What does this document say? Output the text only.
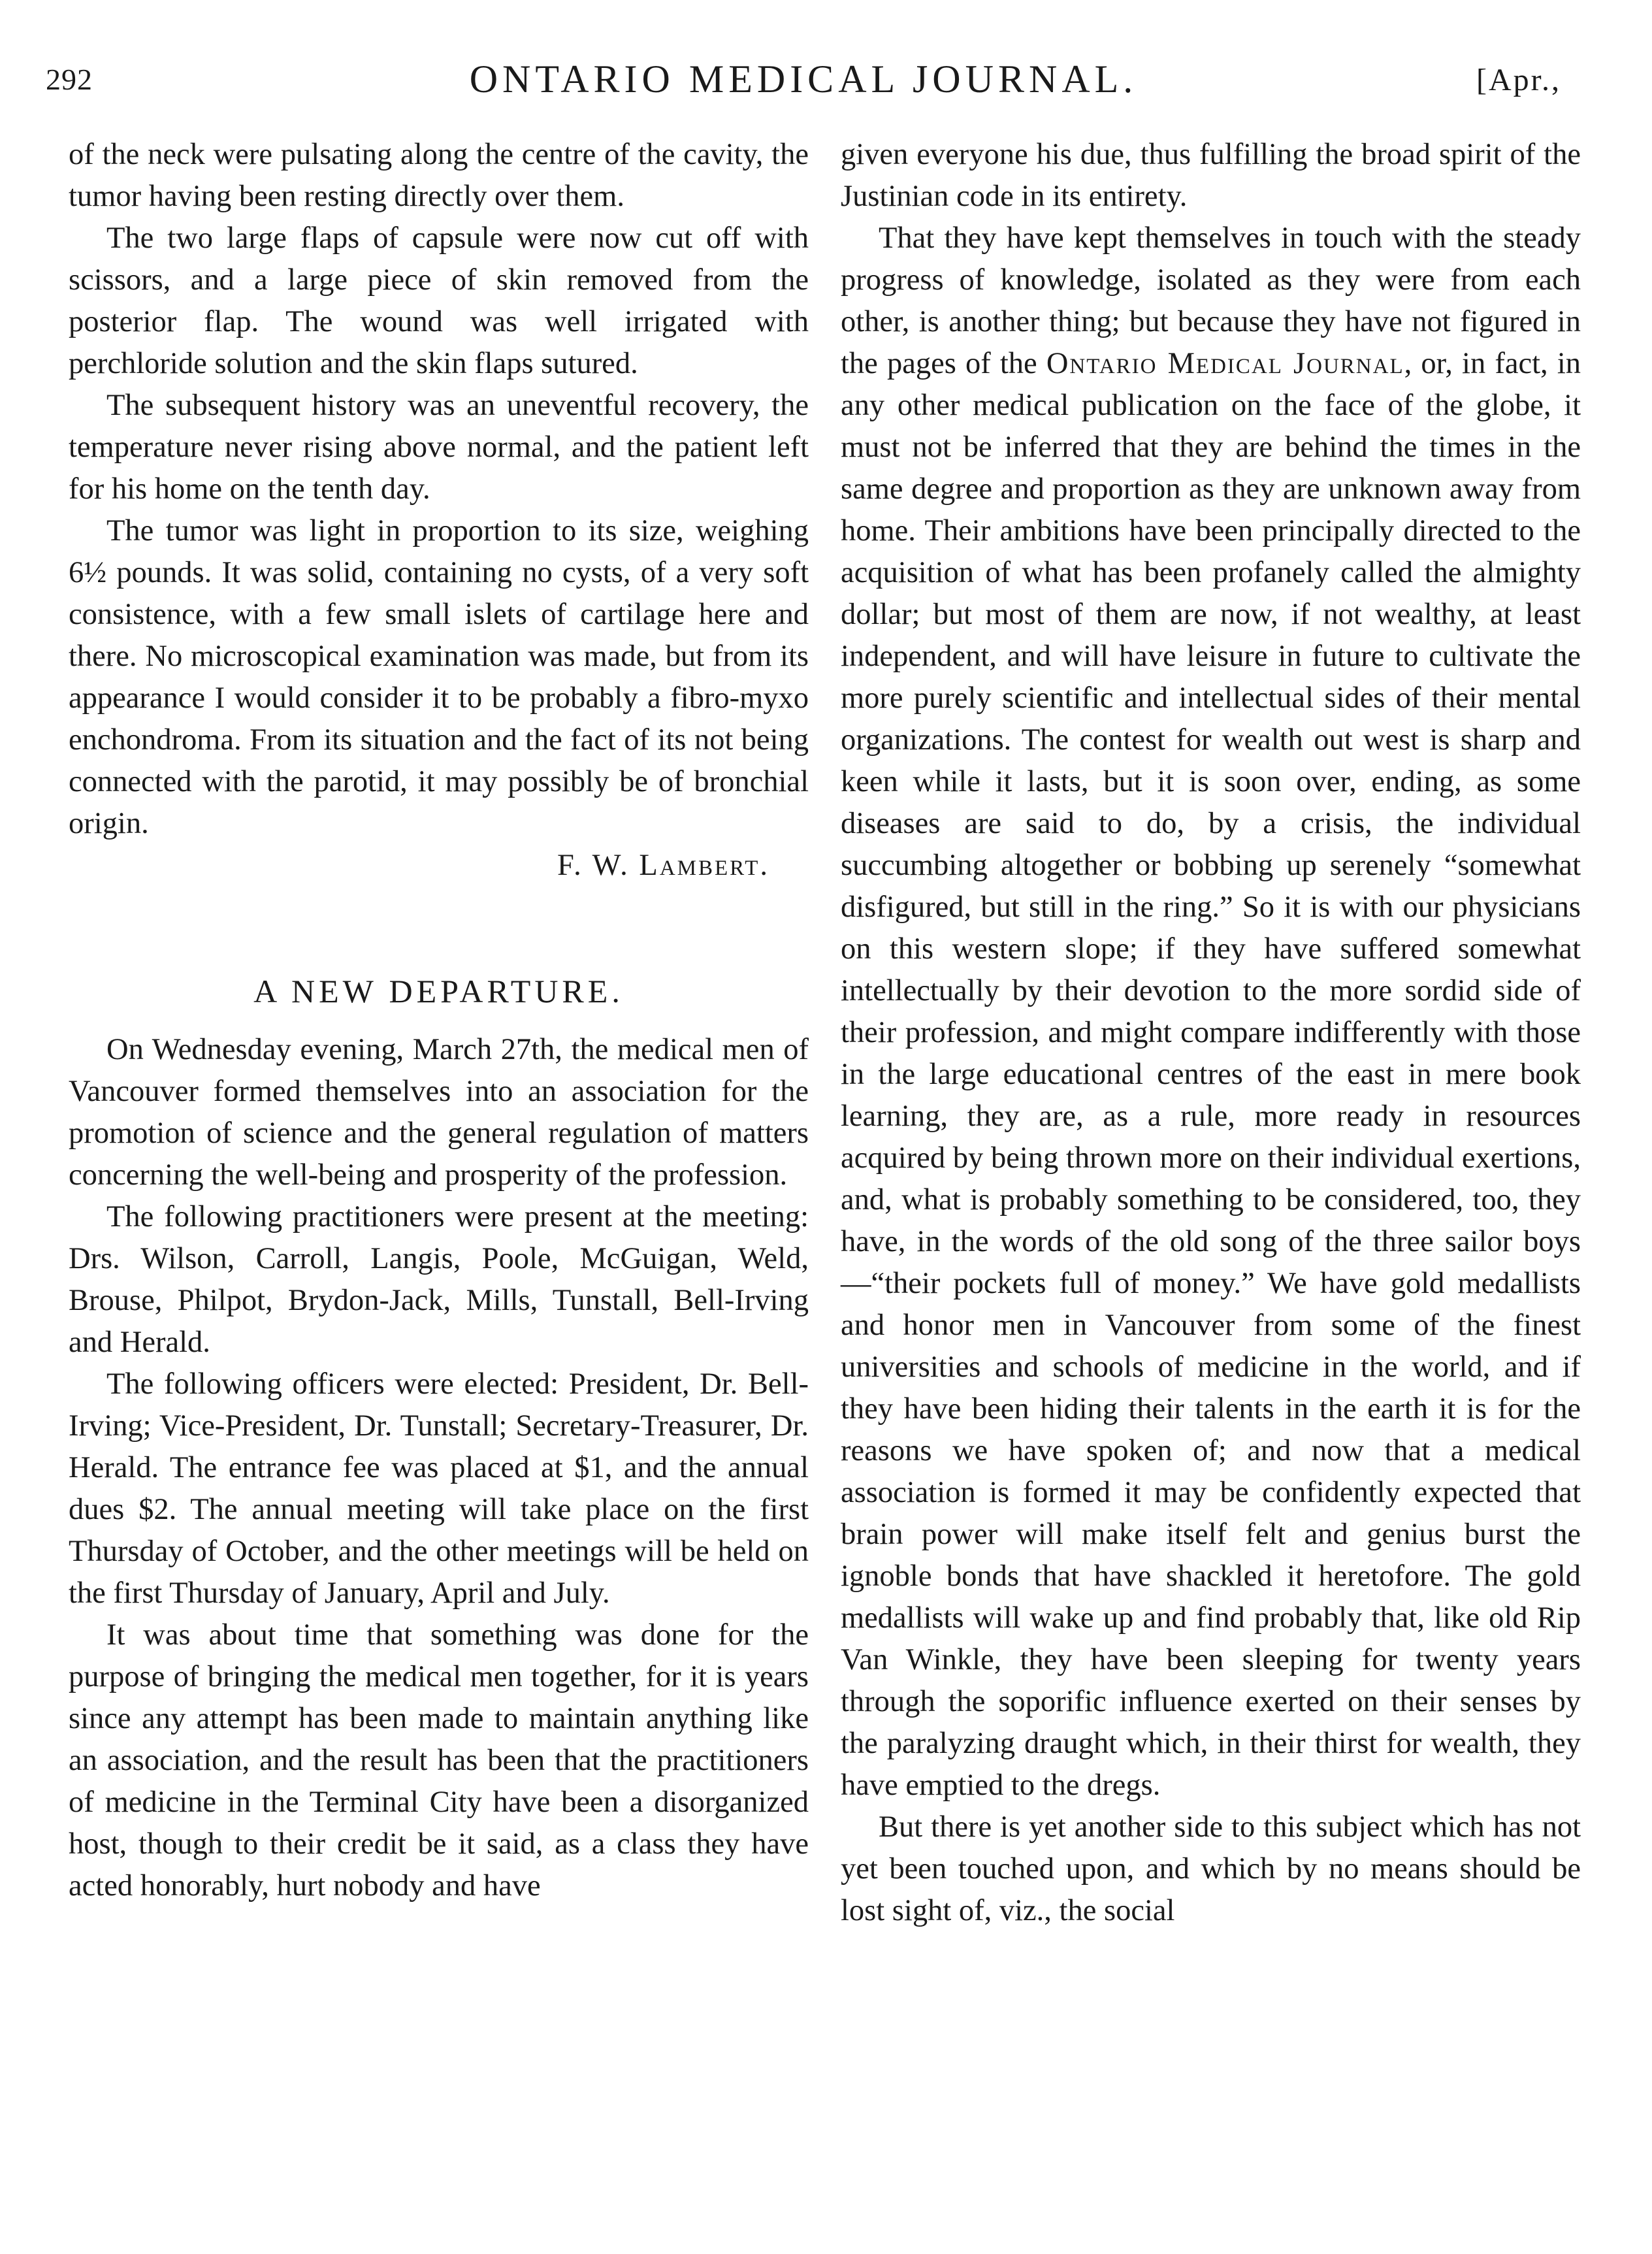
292	ONTARIO MEDICAL JOURNAL.	[Apr.,

of the neck were pulsating along the centre of the cavity, the tumor having been resting directly over them.

The two large flaps of capsule were now cut off with scissors, and a large piece of skin removed from the posterior flap. The wound was well irrigated with perchloride solution and the skin flaps sutured.

The subsequent history was an uneventful recovery, the temperature never rising above normal, and the patient left for his home on the tenth day.

The tumor was light in proportion to its size, weighing 6½ pounds. It was solid, containing no cysts, of a very soft consistence, with a few small islets of cartilage here and there. No microscopical examination was made, but from its appearance I would consider it to be probably a fibro-myxo enchondroma. From its situation and the fact of its not being connected with the parotid, it may possibly be of bronchial origin.

F. W. Lambert.

A NEW DEPARTURE.

On Wednesday evening, March 27th, the medical men of Vancouver formed themselves into an association for the promotion of science and the general regulation of matters concerning the well-being and prosperity of the profession.

The following practitioners were present at the meeting: Drs. Wilson, Carroll, Langis, Poole, McGuigan, Weld, Brouse, Philpot, Brydon-Jack, Mills, Tunstall, Bell-Irving and Herald.

The following officers were elected: President, Dr. Bell-Irving; Vice-President, Dr. Tunstall; Secretary-Treasurer, Dr. Herald. The entrance fee was placed at $1, and the annual dues $2. The annual meeting will take place on the first Thursday of October, and the other meetings will be held on the first Thursday of January, April and July.

It was about time that something was done for the purpose of bringing the medical men together, for it is years since any attempt has been made to maintain anything like an association, and the result has been that the practitioners of medicine in the Terminal City have been a disorganized host, though to their credit be it said, as a class they have acted honorably, hurt nobody and have

given everyone his due, thus fulfilling the broad spirit of the Justinian code in its entirety.

That they have kept themselves in touch with the steady progress of knowledge, isolated as they were from each other, is another thing; but because they have not figured in the pages of the Ontario Medical Journal, or, in fact, in any other medical publication on the face of the globe, it must not be inferred that they are behind the times in the same degree and proportion as they are unknown away from home. Their ambitions have been principally directed to the acquisition of what has been profanely called the almighty dollar; but most of them are now, if not wealthy, at least independent, and will have leisure in future to cultivate the more purely scientific and intellectual sides of their mental organizations. The contest for wealth out west is sharp and keen while it lasts, but it is soon over, ending, as some diseases are said to do, by a crisis, the individual succumbing altogether or bobbing up serenely “somewhat disfigured, but still in the ring.” So it is with our physicians on this western slope; if they have suffered somewhat intellectually by their devotion to the more sordid side of their profession, and might compare indifferently with those in the large educational centres of the east in mere book learning, they are, as a rule, more ready in resources acquired by being thrown more on their individual exertions, and, what is probably something to be considered, too, they have, in the words of the old song of the three sailor boys—“their pockets full of money.” We have gold medallists and honor men in Vancouver from some of the finest universities and schools of medicine in the world, and if they have been hiding their talents in the earth it is for the reasons we have spoken of; and now that a medical association is formed it may be confidently expected that brain power will make itself felt and genius burst the ignoble bonds that have shackled it heretofore. The gold medallists will wake up and find probably that, like old Rip Van Winkle, they have been sleeping for twenty years through the soporific influence exerted on their senses by the paralyzing draught which, in their thirst for wealth, they have emptied to the dregs.

But there is yet another side to this subject which has not yet been touched upon, and which by no means should be lost sight of, viz., the social
